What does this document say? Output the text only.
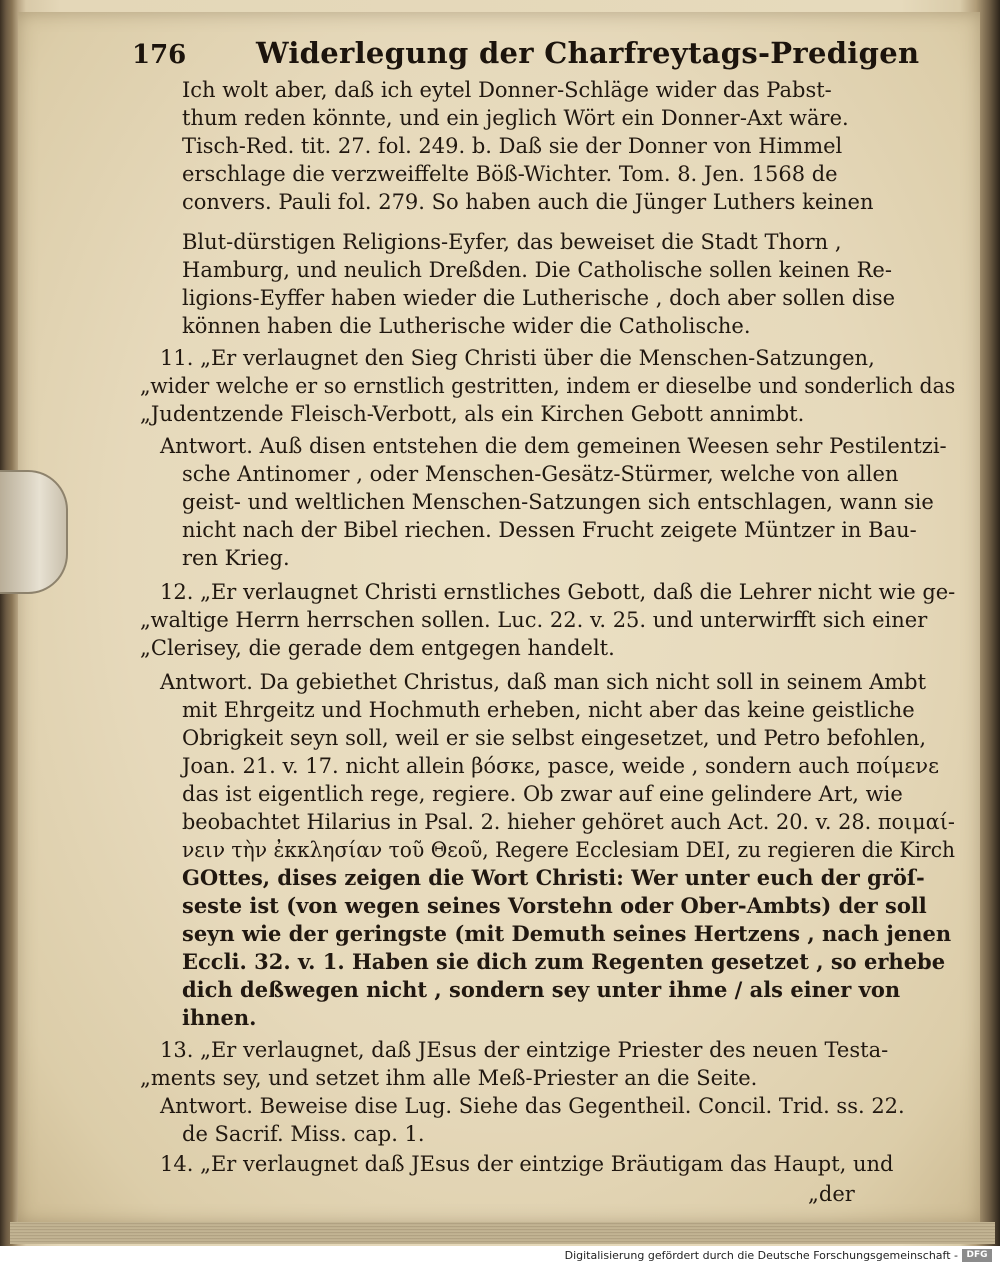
176 Widerlegung der Charfreytags-Predigen
Ich wolt aber, daß ich eytel Donner-Schläge wider das Pabst-
thum reden könnte, und ein jeglich Wört ein Donner-Axt wäre.
Tisch-Red. tit. 27. fol. 249. b. Daß sie der Donner von Himmel
erschlage die verzweiffelte Böß-Wichter. Tom. 8. Jen. 1568 de
convers. Pauli fol. 279. So haben auch die Jünger Luthers keinen
Blut-dürstigen Religions-Eyfer, das beweiset die Stadt Thorn ,
Hamburg, und neulich Dreßden. Die Catholische sollen keinen Re-
ligions-Eyffer haben wieder die Lutherische , doch aber sollen dise
können haben die Lutherische wider die Catholische.
11. „Er verlaugnet den Sieg Christi über die Menschen-Satzungen,
„wider welche er so ernstlich gestritten, indem er dieselbe und sonderlich das
„Judentzende Fleisch-Verbott, als ein Kirchen Gebott annimbt.
Antwort. Auß disen entstehen die dem gemeinen Weesen sehr Pestilentzi-
sche Antinomer , oder Menschen-Gesätz-Stürmer, welche von allen
geist- und weltlichen Menschen-Satzungen sich entschlagen, wann sie
nicht nach der Bibel riechen. Dessen Frucht zeigete Müntzer in Bau-
ren Krieg.
12. „Er verlaugnet Christi ernstliches Gebott, daß die Lehrer nicht wie ge-
„waltige Herrn herrschen sollen. Luc. 22. v. 25. und unterwirfft sich einer
„Clerisey, die gerade dem entgegen handelt.
Antwort. Da gebiethet Christus, daß man sich nicht soll in seinem Ambt
mit Ehrgeitz und Hochmuth erheben, nicht aber das keine geistliche
Obrigkeit seyn soll, weil er sie selbst eingesetzet, und Petro befohlen,
Joan. 21. v. 17. nicht allein βόσκε, pasce, weide , sondern auch ποίμενε
das ist eigentlich rege, regiere. Ob zwar auf eine gelindere Art, wie
beobachtet Hilarius in Psal. 2. hieher gehöret auch Act. 20. v. 28. ποιμαί-
νειν τὴν ἐκκλησίαν τοῦ Θεοῦ, Regere Ecclesiam DEI, zu regieren die Kirch
GOttes, dises zeigen die Wort Christi: Wer unter euch der gröſ-
seste ist (von wegen seines Vorstehn oder Ober-Ambts) der soll
seyn wie der geringste (mit Demuth seines Hertzens , nach jenen
Eccli. 32. v. 1. Haben sie dich zum Regenten gesetzet , so erhebe
dich deßwegen nicht , sondern sey unter ihme / als einer von
ihnen.
13. „Er verlaugnet, daß JEsus der eintzige Priester des neuen Testa-
„ments sey, und setzet ihm alle Meß-Priester an die Seite.
Antwort. Beweise dise Lug. Siehe das Gegentheil. Concil. Trid. ss. 22.
de Sacrif. Miss. cap. 1.
14. „Er verlaugnet daß JEsus der eintzige Bräutigam das Haupt, und
„der
Digitalisierung gefördert durch die Deutsche Forschungsgemeinschaft - DFG
